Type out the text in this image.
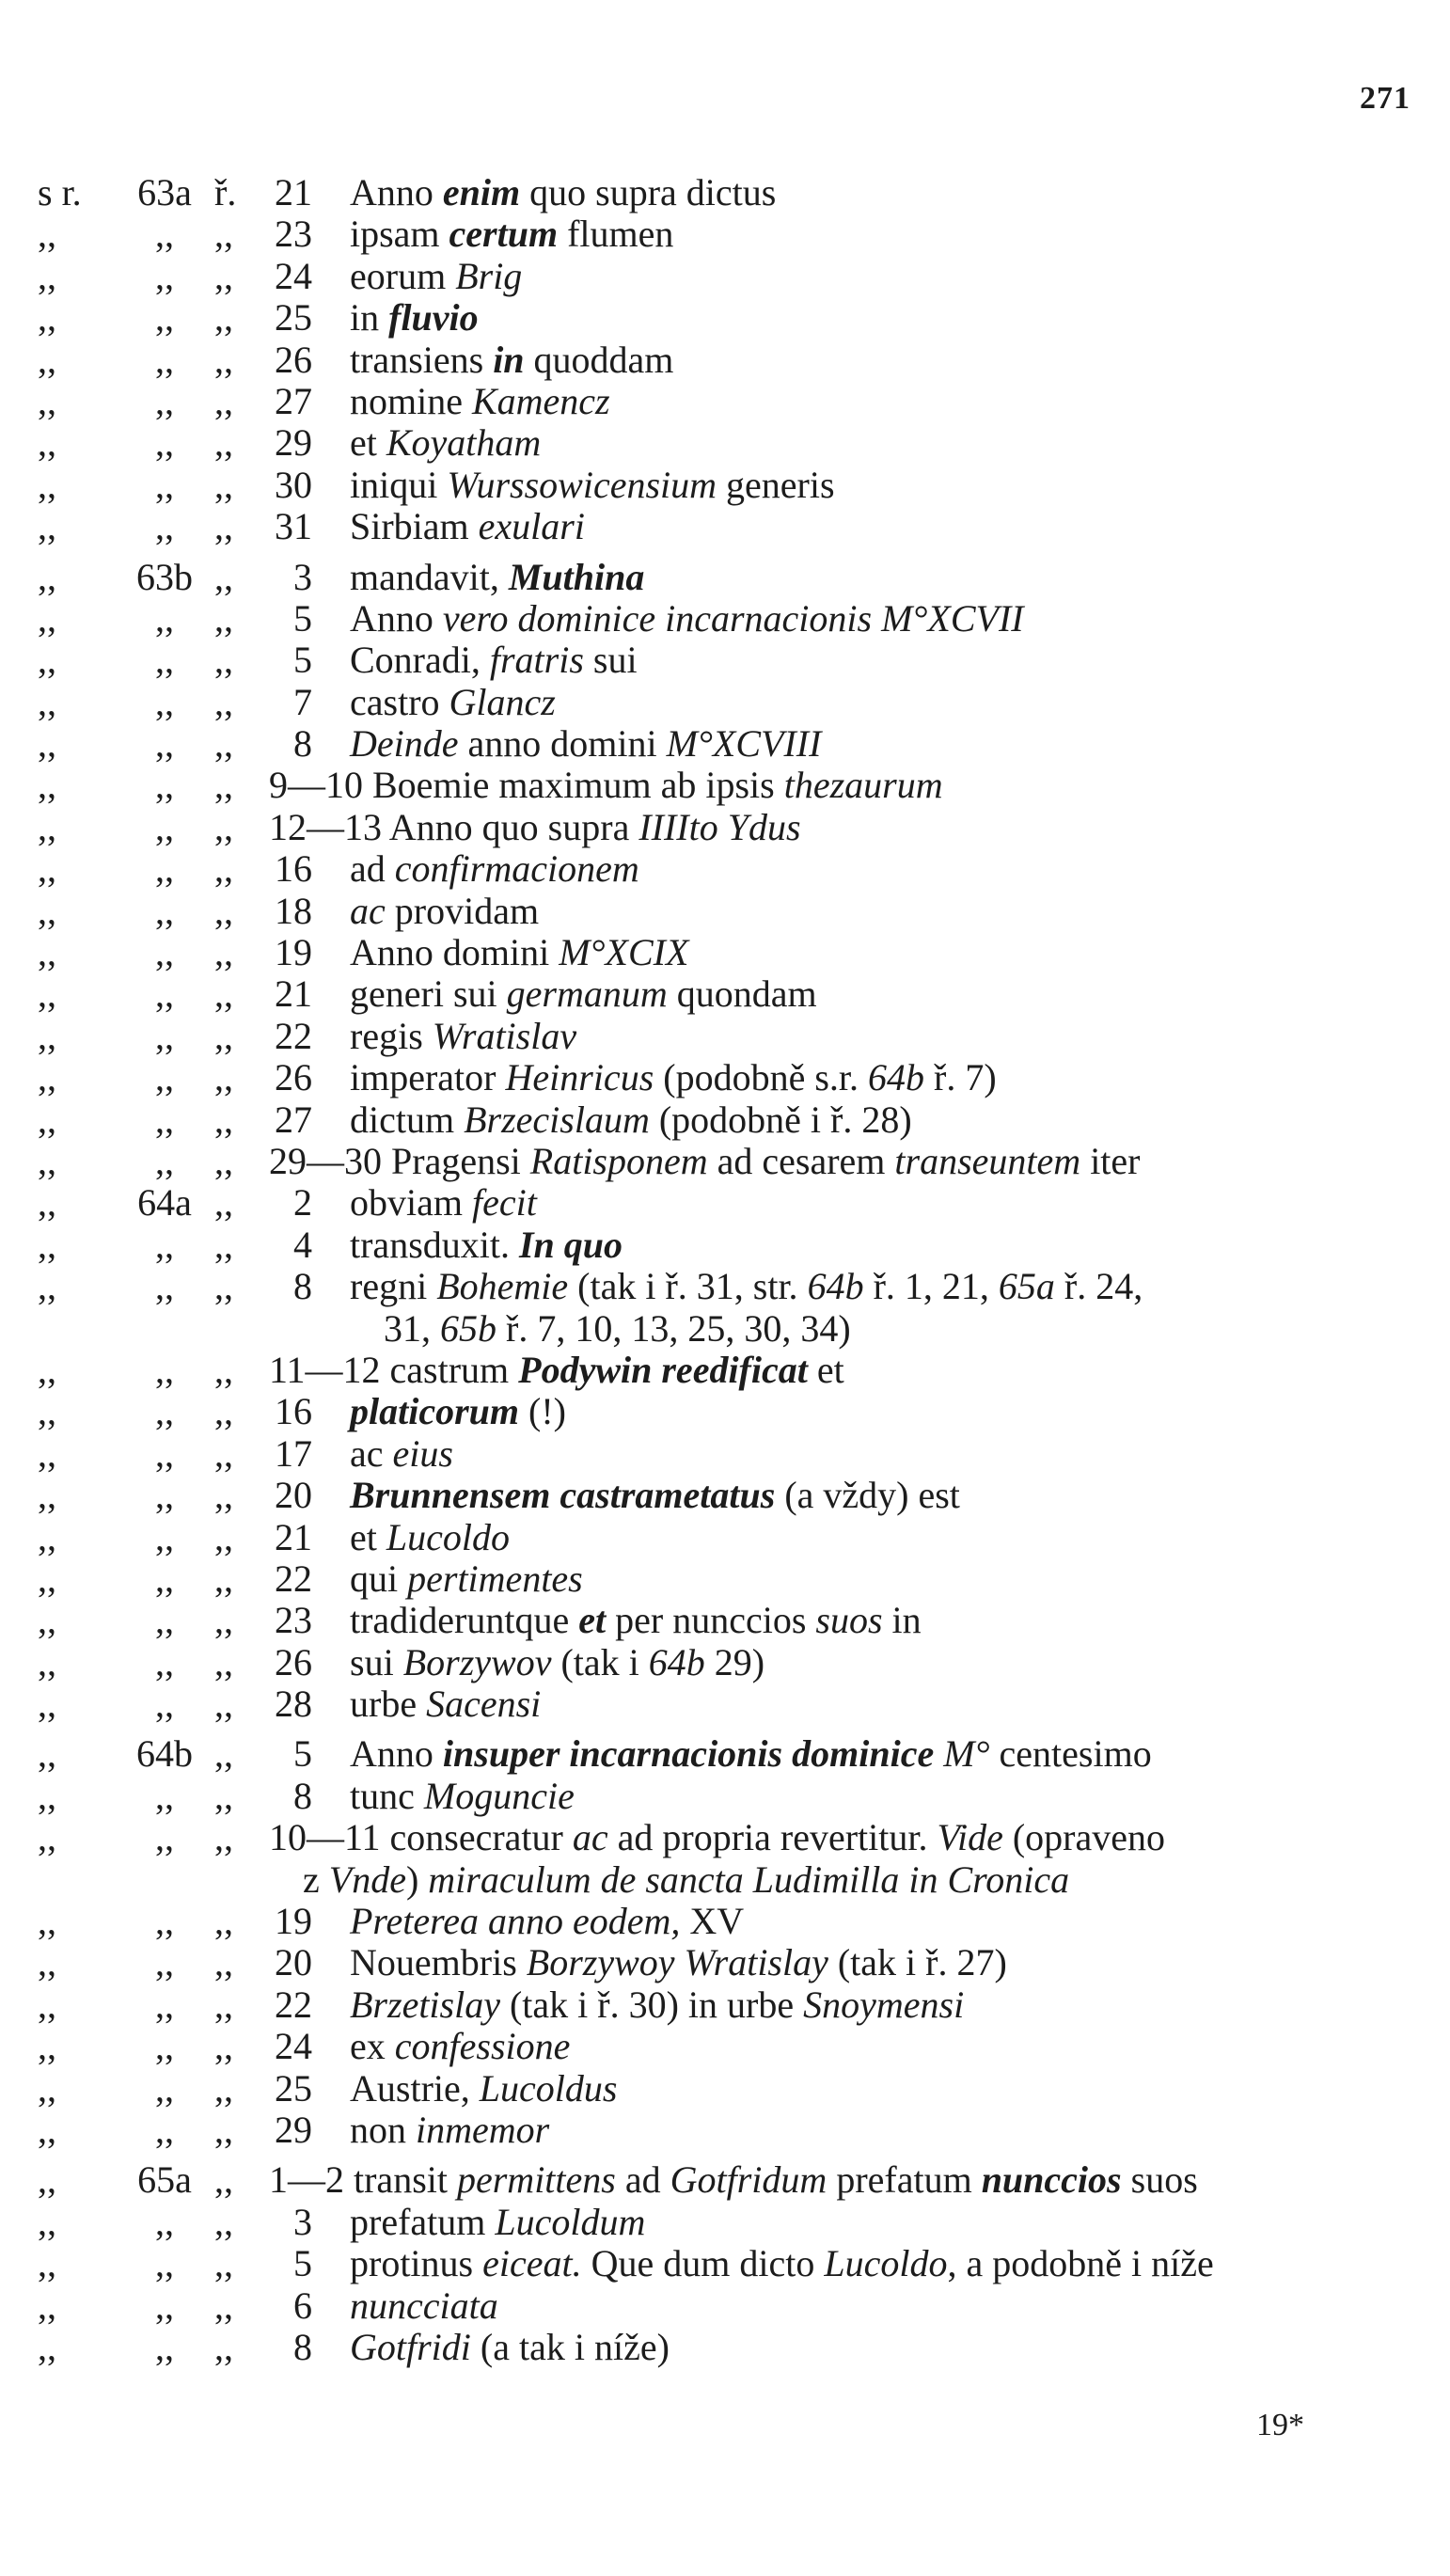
271
s r.	63a ř.	21 Anno enim quo supra dictus
,,	,,	,,	23 ipsam certum flumen
,,	,,	,,	24 eorum Brig
,,	,,	,,	25 in fluvio
,,	,,	,,	26 transiens in quoddam
,,	,,	,,	27 nomine Kamencz
,,	,,	,,	29 et Koyatham
,,	,,	,,	30 iniqui Wurssowicensium generis
,,	,,	,,	31 Sirbiam exulari
,,	63b ,,	3 mandavit, Muthina
,,	,,	,,	5 Anno vero dominice incarnacionis M°XCVII
,,	,,	,,	5 Conradi, fratris sui
,,	,,	,,	7 castro Glancz
,,	,,	,,	8 Deinde anno domini M°XCVIII
,,	,,	,, 9—10 Boemie maximum ab ipsis thezaurum
,,	,,	,, 12—13 Anno quo supra IIIIto Ydus
,,	,,	,,	16 ad confirmacionem
,,	,,	,,	18 ac providam
,,	,,	,,	19 Anno domini M°XCIX
,,	,,	,,	21 generi sui germanum quondam
,,	,,	,,	22 regis Wratislav
,,	,,	,,	26 imperator Heinricus (podobně s.r. 64b ř. 7)
,,	,,	,,	27 dictum Brzecislaum (podobně i ř. 28)
,,	,,	,, 29—30 Pragensi Ratisponem ad cesarem transeuntem iter
,,	64a ,,	2 obviam fecit
,,	,,	,,	4 transduxit. In quo
,,	,,	,,	8 regni Bohemie (tak i ř. 31, str. 64b ř. 1, 21, 65a ř. 24,
31, 65b ř. 7, 10, 13, 25, 30, 34)
,,	,,	,, 11—12 castrum Podywin reedificat et
,,	,,	,,	16 platicorum (!)
,,	,,	,,	17 ac eius
,,	,,	,,	20 Brunnensem castrametatus (a vždy) est
,,	,,	,,	21 et Lucoldo
,,	,,	,,	22 qui pertimentes
,,	,,	,,	23 tradideruntque et per nunccios suos in
,,	,,	,,	26 sui Borzywov (tak i 64b 29)
,,	,,	,,	28 urbe Sacensi
,,	64b ,,	5 Anno insuper incarnacionis dominice M° centesimo
,,	,,	,,	8 tunc Moguncie
,,	,,	,, 10—11 consecratur ac ad propria revertitur. Vide (opraveno
z Vnde) miraculum de sancta Ludimilla in Cronica
,,	,,	,,	19 Preterea anno eodem, XV
,,	,,	,,	20 Nouembris Borzywoy Wratislay (tak i ř. 27)
,,	,,	,,	22 Brzetislay (tak i ř. 30) in urbe Snoymensi
,,	,,	,,	24 ex confessione
,,	,,	,,	25 Austrie, Lucoldus
,,	,,	,,	29 non inmemor
,,	65a ,, 1—2 transit permittens ad Gotfridum prefatum nunccios suos
,,	,,	,,	3 prefatum Lucoldum
,,	,,	,,	5 protinus eiceat. Que dum dicto Lucoldo, a podobně i níže
,,	,,	,,	6 nuncciata
,,	,,	,,	8 Gotfridi (a tak i níže)
19*
